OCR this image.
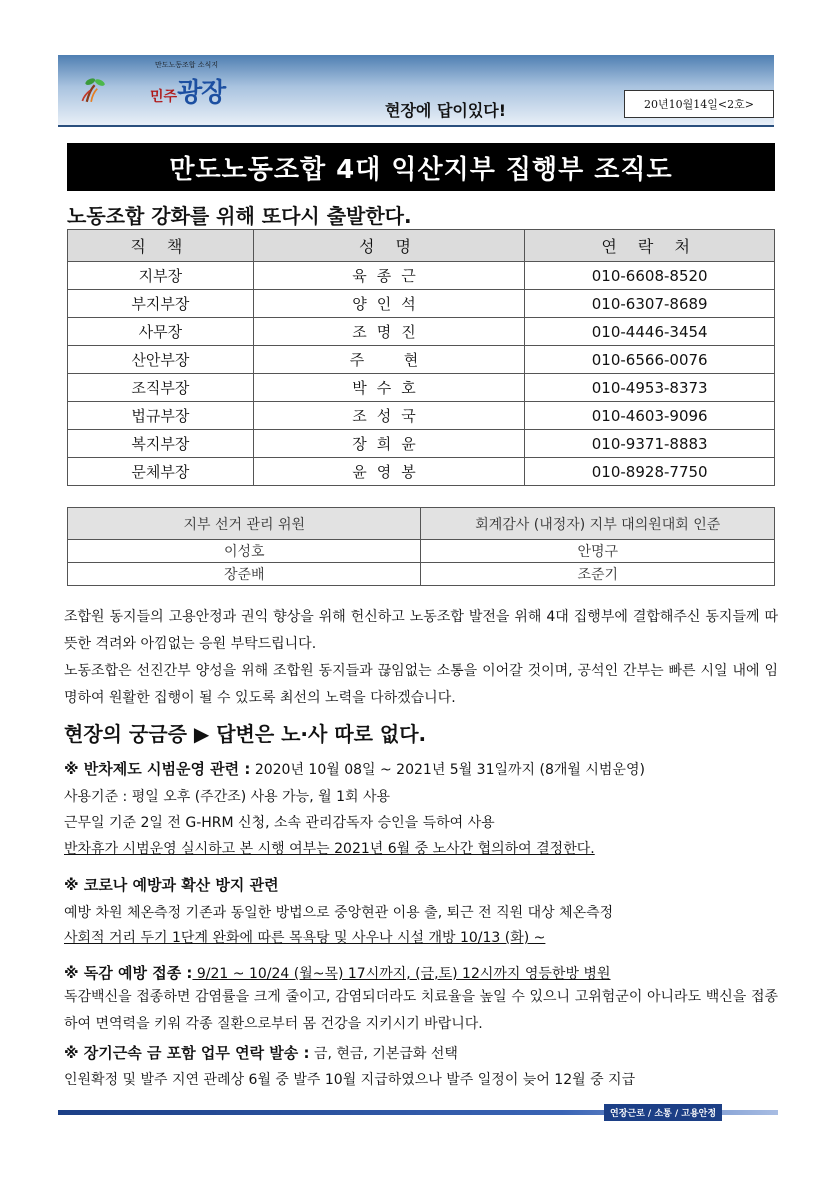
만도노동조합 소식지
민주광장
현장에 답이있다!	20년10월14일<2호>
만도노동조합 4대 익산지부 집행부 조직도
노동조합 강화를 위해 또다시 출발한다.
직 책	성 명	연 락 처
지부장	육종근	010-6608-8520
부지부장	양인석	010-6307-8689
사무장	조명진	010-4446-3454
산안부장	주  현	010-6566-0076
조직부장	박수호	010-4953-8373
법규부장	조성국	010-4603-9096
복지부장	장희윤	010-9371-8883
문체부장	윤영봉	010-8928-7750
지부 선거 관리 위원	회계감사 (내정자) 지부 대의원대회 인준
이성호	안명구
장준배	조준기
조합원 동지들의 고용안정과 권익 향상을 위해 헌신하고 노동조합 발전을 위해 4대 집행부에 결합해주신 동지들께 따뜻한 격려와 아낌없는 응원 부탁드립니다.
노동조합은 선진간부 양성을 위해 조합원 동지들과 끊임없는 소통을 이어갈 것이며, 공석인 간부는 빠른 시일 내에 임명하여 원활한 집행이 될 수 있도록 최선의 노력을 다하겠습니다.
현장의 궁금증 ▶ 답변은 노·사 따로 없다.
※ 반차제도 시범운영 관련 : 2020년 10월 08일 ~ 2021년 5월 31일까지 (8개월 시범운영)
사용기준 : 평일 오후 (주간조) 사용 가능, 월 1회 사용
근무일 기준 2일 전 G-HRM 신청, 소속 관리감독자 승인을 득하여 사용
반차휴가 시범운영 실시하고 본 시행 여부는 2021년 6월 중 노사간 협의하여 결정한다.
※ 코로나 예방과 확산 방지 관련
예방 차원 체온측정 기존과 동일한 방법으로 중앙현관 이용 출, 퇴근 전 직원 대상 체온측정
사회적 거리 두기 1단계 완화에 따른 목욕탕 및 사우나 시설 개방 10/13 (화) ~
※ 독감 예방 접종 : 9/21 ~ 10/24 (월~목) 17시까지, (금,토) 12시까지 영등한방 병원
독감백신을 접종하면 감염률을 크게 줄이고, 감염되더라도 치료율을 높일 수 있으니 고위험군이 아니라도 백신을 접종하여 면역력을 키워 각종 질환으로부터 몸 건강을 지키시기 바랍니다.
※ 장기근속 금 포함 업무 연락 발송 : 금, 현금, 기본급화 선택
인원확정 및 발주 지연 관례상 6월 중 발주 10월 지급하였으나 발주 일정이 늦어 12월 중 지급
연장근로 / 소통 / 고용안정
